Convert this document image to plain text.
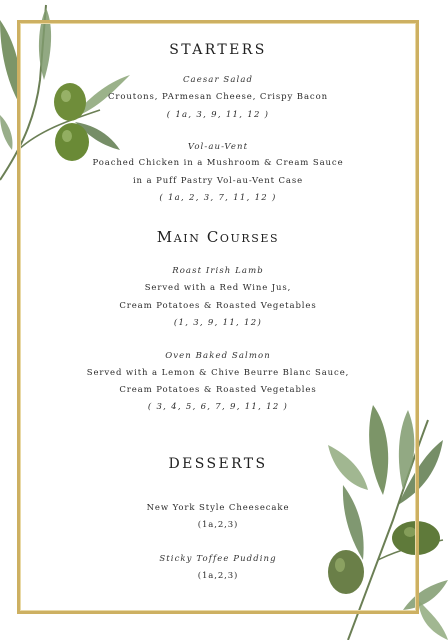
STARTERS
Caesar Salad
Croutons, PArmesan Cheese, Crispy Bacon
( 1a, 3, 9, 11, 12 )
Vol-au-Vent
Poached Chicken in a Mushroom & Cream Sauce
in a Puff Pastry Vol-au-Vent Case
( 1a, 2, 3, 7, 11, 12 )
Main Courses
Roast Irish Lamb
Served with a Red Wine Jus,
Cream Potatoes & Roasted Vegetables
(1, 3, 9, 11, 12)
Oven Baked Salmon
Served with a Lemon & Chive Beurre Blanc Sauce,
Cream Potatoes & Roasted Vegetables
( 3, 4, 5, 6, 7, 9, 11, 12 )
DESSERTS
New York Style Cheesecake
(1a,2,3)
Sticky Toffee Pudding
(1a,2,3)
